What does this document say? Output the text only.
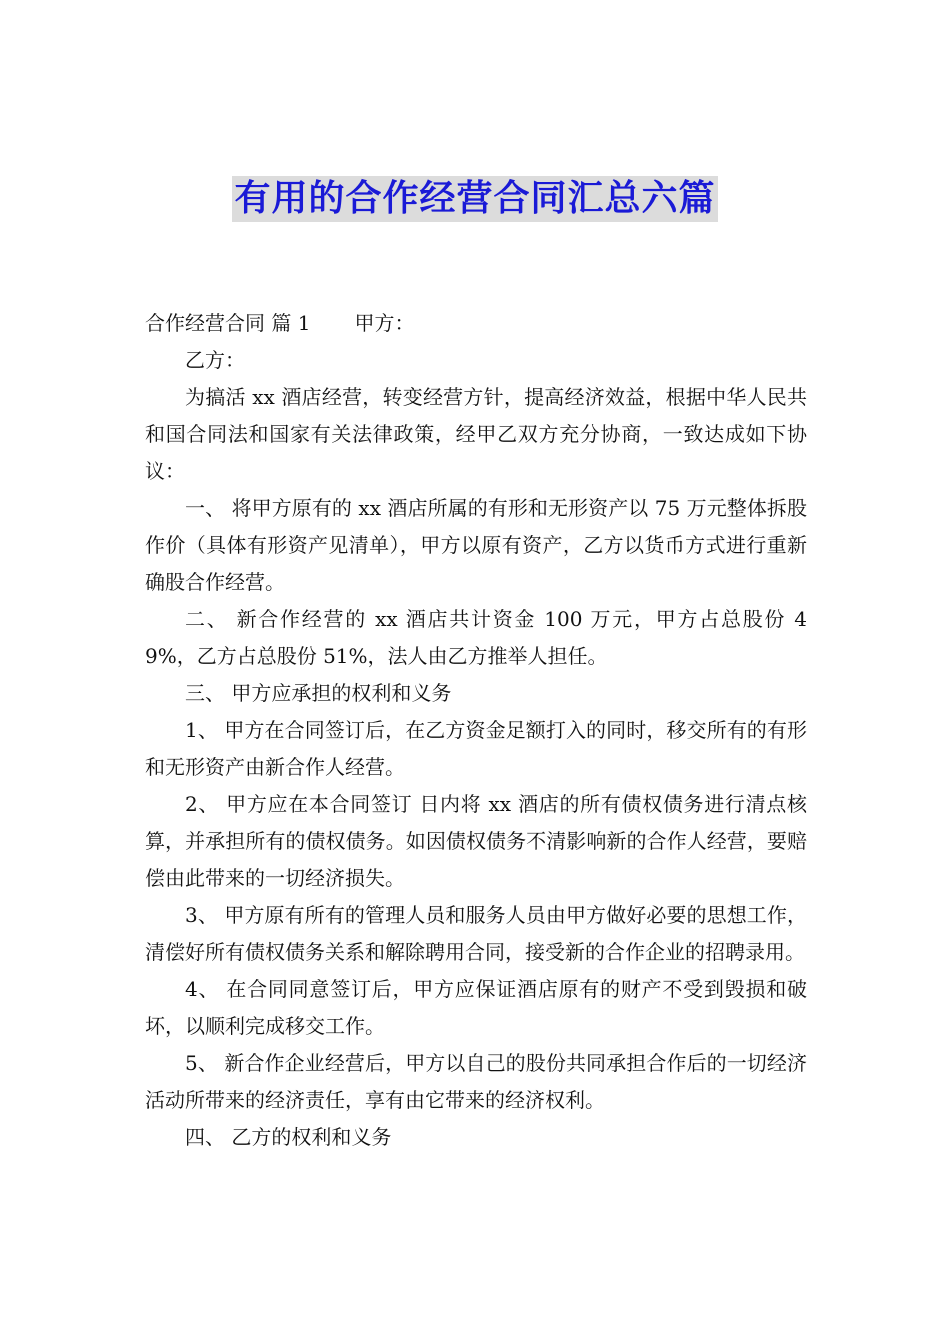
有用的合作经营合同汇总六篇

合作经营合同 篇 1 甲方：

乙方：

为搞活 xx 酒店经营，转变经营方针，提高经济效益，根据中华人民共和国合同法和国家有关法律政策，经甲乙双方充分协商，一致达成如下协议：

一、 将甲方原有的 xx 酒店所属的有形和无形资产以 75 万元整体拆股作价（具体有形资产见清单），甲方以原有资产，乙方以货币方式进行重新确股合作经营。

二、 新合作经营的 xx 酒店共计资金 100 万元，甲方占总股份 49%，乙方占总股份 51%，法人由乙方推举人担任。

三、 甲方应承担的权利和义务

1、 甲方在合同签订后，在乙方资金足额打入的同时，移交所有的有形和无形资产由新合作人经营。

2、 甲方应在本合同签订 日内将 xx 酒店的所有债权债务进行清点核算，并承担所有的债权债务。如因债权债务不清影响新的合作人经营，要赔偿由此带来的一切经济损失。

3、 甲方原有所有的管理人员和服务人员由甲方做好必要的思想工作，清偿好所有债权债务关系和解除聘用合同，接受新的合作企业的招聘录用。

4、 在合同同意签订后，甲方应保证酒店原有的财产不受到毁损和破坏，以顺利完成移交工作。

5、 新合作企业经营后，甲方以自己的股份共同承担合作后的一切经济活动所带来的经济责任，享有由它带来的经济权利。

四、 乙方的权利和义务
